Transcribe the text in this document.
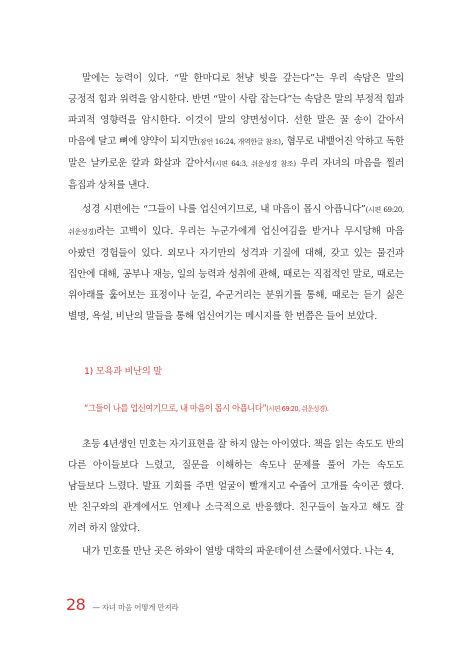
말에는 능력이 있다. “말 한마디로 천냥 빚을 갚는다”는 우리 속담은 말의 긍정적 힘과 위력을 암시한다. 반면 “말이 사람 잡는다”는 속담은 말의 부정적 힘과 파괴적 영향력을 암시한다. 이것이 말의 양면성이다. 선한 말은 꿀 송이 같아서 마음에 달고 뼈에 양약이 되지만(잠언 16:24, 개역한글 참조), 혐무로 내뱉어진 악하고 독한 말은 날카로운 칼과 화살과 같아서(시편 64:3, 쉬운성경 참조) 우리 자녀의 마음을 찔러 흠집과 상처를 낸다.

성경 시편에는 “그들이 나를 업신여기므로, 내 마음이 몹시 아픕니다”(시편 69:20, 쉬운성경)라는 고백이 있다. 우리는 누군가에게 업신여김을 받거나 무시당해 마음 아팠던 경험들이 있다. 외모나 자기만의 성격과 기질에 대해, 갖고 있는 물건과 집안에 대해, 공부나 재능, 일의 능력과 성취에 관해, 때로는 직접적인 말로, 때로는 위아래를 훑어보는 표정이나 눈길, 수군거리는 분위기를 통해, 때로는 듣기 싫은 별명, 욕설, 비난의 말들을 통해 업신여기는 메시지를 한 번쯤은 들어 보았다.

1) 모욕과 비난의 말

“그들이 나를 업신여기므로, 내 마음이 몹시 아픕니다”(시편 69:20, 쉬운성경).

초등 4년생인 민호는 자기표현을 잘 하지 않는 아이였다. 책을 읽는 속도도 반의 다른 아이들보다 느렸고, 질문을 이해하는 속도나 문제를 풀어 가는 속도도 남들보다 느렸다. 발표 기회를 주면 얼굴이 빨개지고 수줍어 고개를 숙이곤 했다. 반 친구와의 관계에서도 언제나 소극적으로 반응했다. 친구들이 놀자고 해도 잘 끼려 하지 않았다.

내가 민호를 만난 곳은 하와이 열방 대학의 파운데이션 스쿨에서였다. 나는 4,

28 — 자녀 마음 어떻게 만져라
